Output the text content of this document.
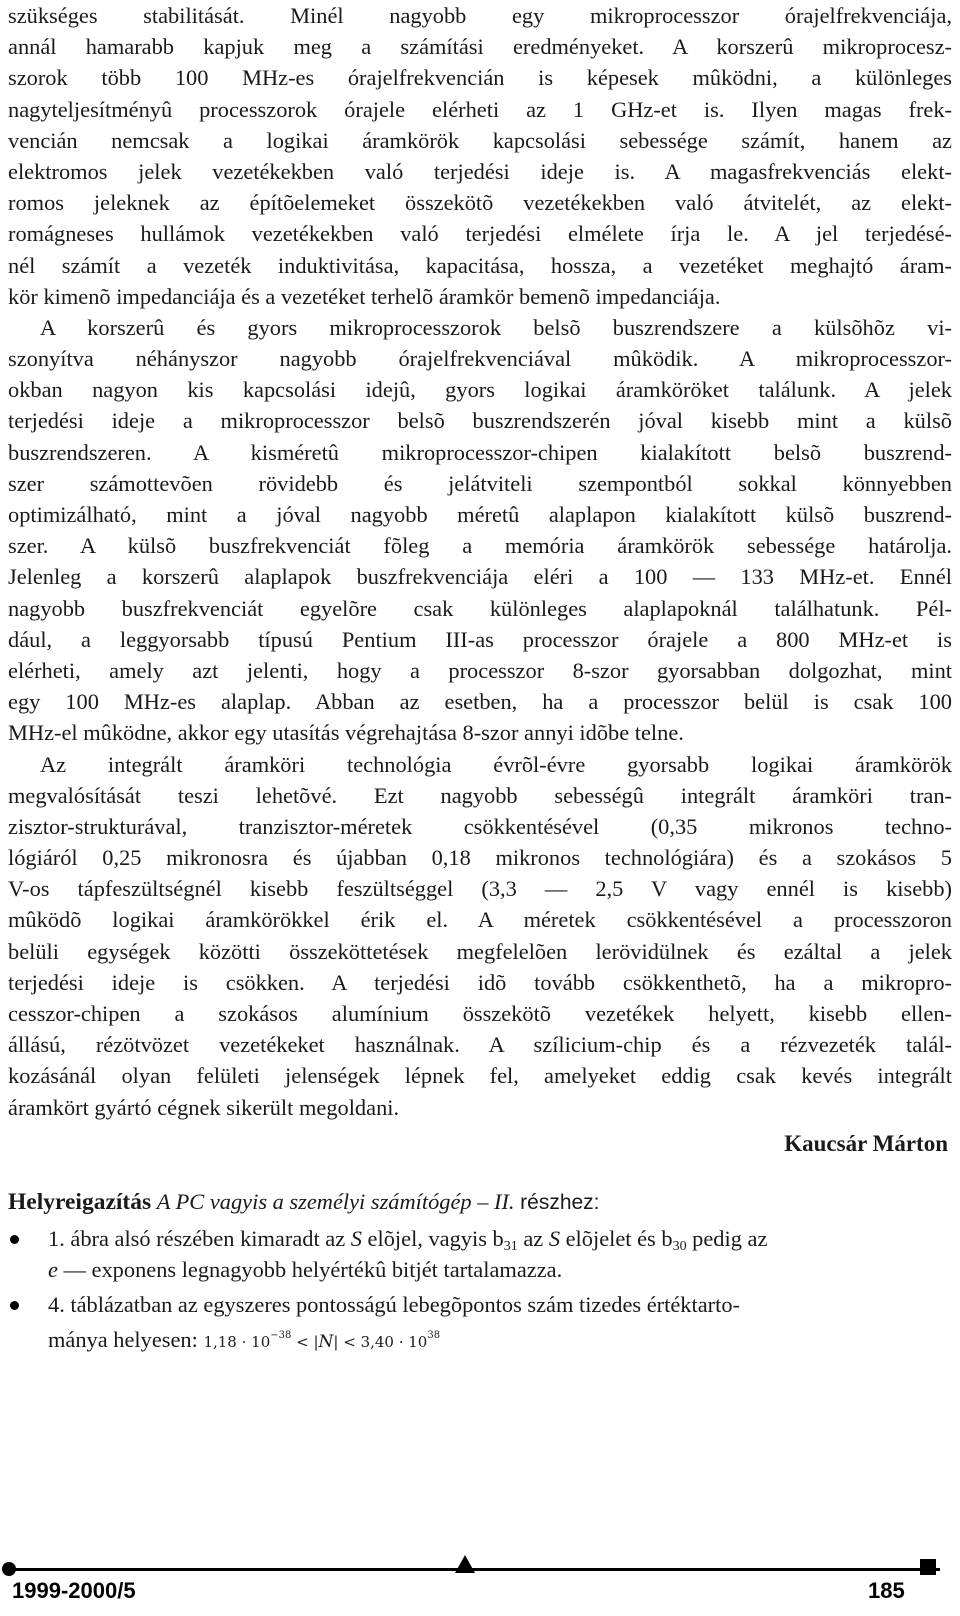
szükséges stabilitását. Minél nagyobb egy mikroprocesszor órajelfrekvenciája,
annál hamarabb kapjuk meg a számítási eredményeket. A korszerû mikroprocesz-
szorok több 100 MHz-es órajelfrekvencián is képesek mûködni, a különleges
nagyteljesítményû processzorok órajele elérheti az 1 GHz-et is. Ilyen magas frek-
vencián nemcsak a logikai áramkörök kapcsolási sebessége számít, hanem az
elektromos jelek vezetékekben való terjedési ideje is. A magasfrekvenciás elekt-
romos jeleknek az építõelemeket összekötõ vezetékekben való átvitelét, az elekt-
romágneses hullámok vezetékekben való terjedési elmélete írja le. A jel terjedésé-
nél számít a vezeték induktivitása, kapacitása, hossza, a vezetéket meghajtó áram-
kör kimenõ impedanciája és a vezetéket terhelõ áramkör bemenõ impedanciája.
A korszerû és gyors mikroprocesszorok belsõ buszrendszere a külsõhõz vi-
szonyítva néhányszor nagyobb órajelfrekvenciával mûködik. A mikroprocesszor-
okban nagyon kis kapcsolási idejû, gyors logikai áramköröket találunk. A jelek
terjedési ideje a mikroprocesszor belsõ buszrendszerén jóval kisebb mint a külsõ
buszrendszeren. A kisméretû mikroprocesszor-chipen kialakított belsõ buszrend-
szer számottevõen rövidebb és jelátviteli szempontból sokkal könnyebben
optimizálható, mint a jóval nagyobb méretû alaplapon kialakított külsõ buszrend-
szer. A külsõ buszfrekvenciát fõleg a memória áramkörök sebessége határolja.
Jelenleg a korszerû alaplapok buszfrekvenciája eléri a 100 — 133 MHz-et. Ennél
nagyobb buszfrekvenciát egyelõre csak különleges alaplapoknál találhatunk. Pél-
dául, a leggyorsabb típusú Pentium III-as processzor órajele a 800 MHz-et is
elérheti, amely azt jelenti, hogy a processzor 8-szor gyorsabban dolgozhat, mint
egy 100 MHz-es alaplap. Abban az esetben, ha a processzor belül is csak 100
MHz-el mûködne, akkor egy utasítás végrehajtása 8-szor annyi idõbe telne.
Az integrált áramköri technológia évrõl-évre gyorsabb logikai áramkörök
megvalósítását teszi lehetõvé. Ezt nagyobb sebességû integrált áramköri tran-
zisztor-strukturával, tranzisztor-méretek csökkentésével (0,35 mikronos techno-
lógiáról 0,25 mikronosra és újabban 0,18 mikronos technológiára) és a szokásos 5
V-os tápfeszültségnél kisebb feszültséggel (3,3 — 2,5 V vagy ennél is kisebb)
mûködõ logikai áramkörökkel érik el. A méretek csökkentésével a processzoron
belüli egységek közötti összeköttetések megfelelõen lerövidülnek és ezáltal a jelek
terjedési ideje is csökken. A terjedési idõ tovább csökkenthetõ, ha a mikropro-
cesszor-chipen a szokásos alumínium összekötõ vezetékek helyett, kisebb ellen-
állású, rézötvözet vezetékeket használnak. A szílicium-chip és a rézvezeték talál-
kozásánál olyan felületi jelenségek lépnek fel, amelyeket eddig csak kevés integrált
áramkört gyártó cégnek sikerült megoldani.
Kaucsár Márton
Helyreigazítás A PC vagyis a személyi számítógép – II. részhez:
1. ábra alsó részében kimaradt az S elõjel, vagyis $b_{31}$ az S elõjelet és $b_{30}$ pedig az
e — exponens legnagyobb helyértékû bitjét tartalamazza.
4. táblázatban az egyszeres pontosságú lebegõpontos szám tizedes értéktarto-
mánya helyesen: $1,18 \cdot 10^{-38} < |N| < 3,40 \cdot 10^{38}$
1999-2000/5	185
